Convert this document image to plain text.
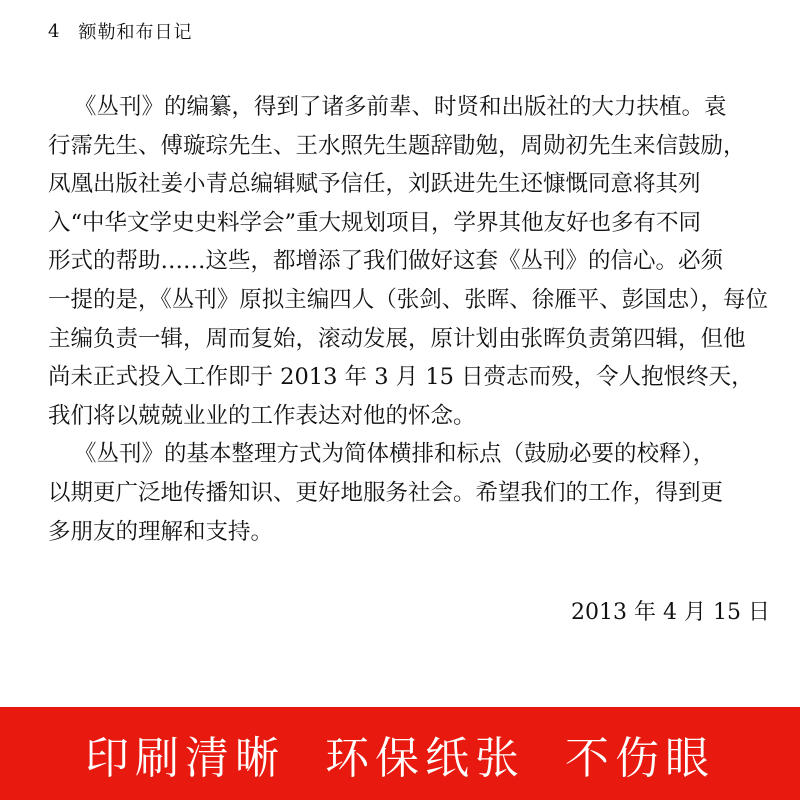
4 额勒和布日记
《丛刊》的编纂，得到了诸多前辈、时贤和出版社的大力扶植。袁
行霈先生、傅璇琮先生、王水照先生题辞勖勉，周勋初先生来信鼓励，
凤凰出版社姜小青总编辑赋予信任，刘跃进先生还慷慨同意将其列
入“中华文学史史料学会”重大规划项目，学界其他友好也多有不同
形式的帮助……这些，都增添了我们做好这套《丛刊》的信心。必须
一提的是，《丛刊》原拟主编四人（张剑、张晖、徐雁平、彭国忠），每位
主编负责一辑，周而复始，滚动发展，原计划由张晖负责第四辑，但他
尚未正式投入工作即于 2013 年 3 月 15 日赍志而殁，令人抱恨终天，
我们将以兢兢业业的工作表达对他的怀念。
《丛刊》的基本整理方式为简体横排和标点（鼓励必要的校释），
以期更广泛地传播知识、更好地服务社会。希望我们的工作，得到更
多朋友的理解和支持。
2013 年 4 月 15 日
印刷清晰  环保纸张  不伤眼
